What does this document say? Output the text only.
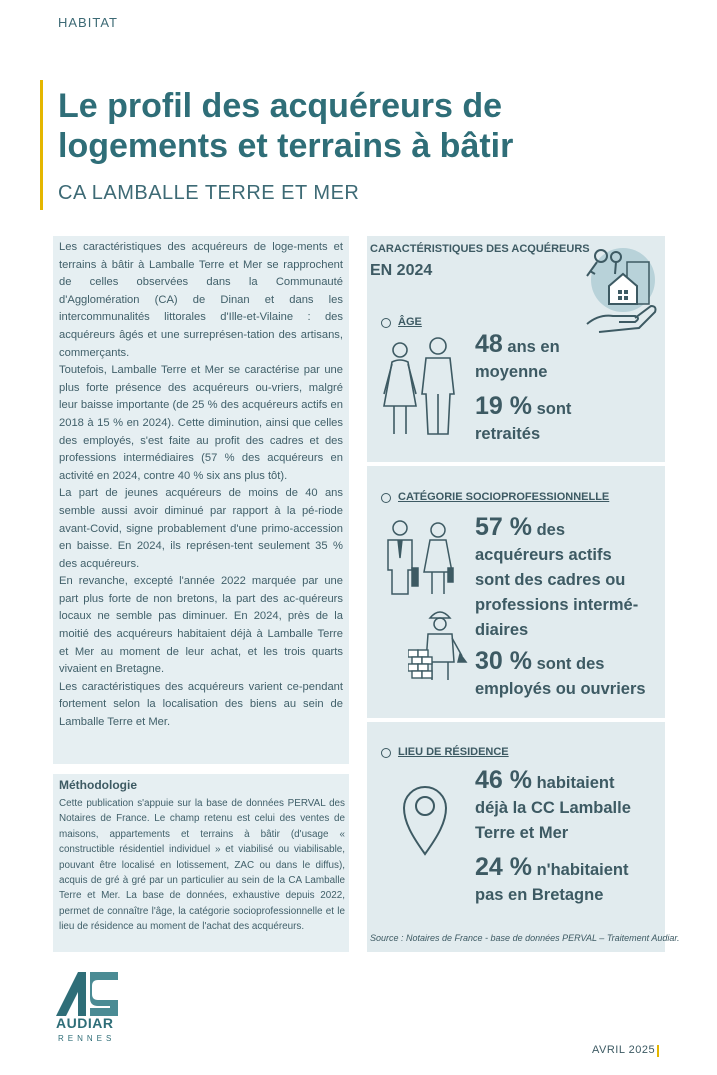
HABITAT
Le profil des acquéreurs de
logements et terrains à bâtir
CA LAMBALLE TERRE ET MER

Les caractéristiques des acquéreurs de loge-ments et terrains à bâtir à Lamballe Terre et Mer se rapprochent de celles observées dans la Communauté d'Agglomération (CA) de Dinan et dans les intercommunalités littorales d'Ille-et-Vilaine : des acquéreurs âgés et une surreprésen-tation des artisans, commerçants.

Toutefois, Lamballe Terre et Mer se caractérise par une plus forte présence des acquéreurs ou-vriers, malgré leur baisse importante (de 25 % des acquéreurs actifs en 2018 à 15 % en 2024). Cette diminution, ainsi que celles des employés, s'est faite au profit des cadres et des professions intermédiaires (57 % des acquéreurs en activité en 2024, contre 40 % six ans plus tôt).

La part de jeunes acquéreurs de moins de 40 ans semble aussi avoir diminué par rapport à la pé-riode avant-Covid, signe probablement d'une primo-accession en baisse. En 2024, ils représen-tent seulement 35 % des acquéreurs.

En revanche, excepté l'année 2022 marquée par une part plus forte de non bretons, la part des ac-quéreurs locaux ne semble pas diminuer. En 2024, près de la moitié des acquéreurs habitaient déjà à Lamballe Terre et Mer au moment de leur achat, et les trois quarts vivaient en Bretagne.

Les caractéristiques des acquéreurs varient ce-pendant fortement selon la localisation des biens au sein de Lamballe Terre et Mer.

Méthodologie
Cette publication s'appuie sur la base de données PERVAL des Notaires de France. Le champ retenu est celui des ventes de maisons, appartements et terrains à bâtir (d'usage « constructible résidentiel individuel » et viabilisé ou viabilisable, pouvant être localisé en lotissement, ZAC ou dans le diffus), acquis de gré à gré par un particulier au sein de la CA Lamballe Terre et Mer. La base de données, exhaustive depuis 2022, permet de connaître l'âge, la catégorie socioprofessionnelle et le lieu de résidence au moment de l'achat des acquéreurs.
CARACTÉRISTIQUES DES ACQUÉREURS
EN 2024
ÂGE
48 ans en
moyenne
19 % sont
retraités
CATÉGORIE SOCIOPROFESSIONNELLE
57 % des
acquéreurs actifs
sont des cadres ou
professions intermé-
diaires
30 % sont des
employés ou ouvriers
LIEU DE RÉSIDENCE
46 % habitaient
déjà la CC Lamballe
Terre et Mer
24 % n'habitaient
pas en Bretagne
Source : Notaires de France - base de données PERVAL – Traitement Audiar.
AUDIAR
RENNES
AVRIL 2025
